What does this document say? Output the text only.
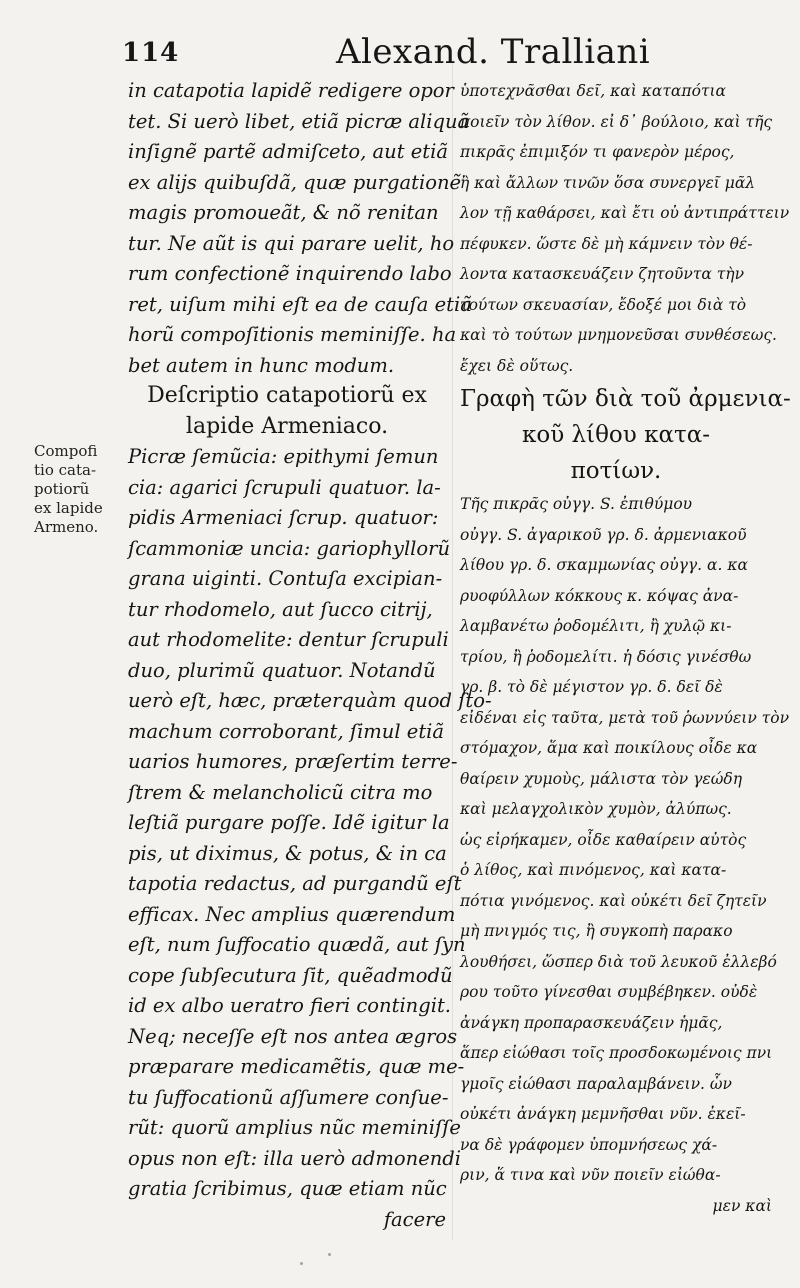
114	Alexand. Tralliani
Compofi
tio cata-
potiorũ
ex lapide
Armeno.
in catapotia lapidẽ redigere opor
tet. Si uerò libet, etiã picræ aliquã
inſignẽ partẽ admiſceto, aut etiã
ex alijs quibuſdã, quæ purgationẽ
magis promoueãt, & nõ renitan
tur. Ne aũt is qui parare uelit, ho
rum confectionẽ inquirendo labo
ret, uiſum mihi eſt ea de cauſa etiã
horũ compoſitionis meminiſſe. ha
bet autem in hunc modum.
Deſcriptio catapotiorũ ex
lapide Armeniaco.
Picræ ſemũcia: epithymi ſemun
cia: agarici ſcrupuli quatuor. la-
pidis Armeniaci ſcrup. quatuor:
ſcammoniæ uncia: gariophyllorũ
grana uiginti. Contuſa excipian-
tur rhodomelo, aut ſucco citrij,
aut rhodomelite: dentur ſcrupuli
duo, plurimũ quatuor. Notandũ
uerò eſt, hæc, præterquàm quod ſto-
machum corroborant, ſimul etiã
uarios humores, præſertim terre-
ſtrem & melancholicũ citra mo
leſtiã purgare poſſe. Idẽ igitur la
pis, ut diximus, & potus, & in ca
tapotia redactus, ad purgandũ eſt
efficax. Nec amplius quærendum
eſt, num ſuffocatio quædã, aut ſyn
cope ſubſecutura ſit, quẽadmodũ
id ex albo ueratro fieri contingit.
Neq; neceſſe eſt nos antea ægros
præparare medicamẽtis, quæ me-
tu ſuffocationũ aſſumere conſue-
rũt: quorũ amplius nũc meminiſſe
opus non eſt: illa uerò admonendi
gratia ſcribimus, quæ etiam nũc
facere
ὑποτεχνᾶσθαι δεῖ, καὶ καταπότια
ποιεῖν τὸν λίθον. εἰ δ᾽ βούλοιο, καὶ τῆς
πικρᾶς ἐπιμιξόν τι φανερὸν μέρος,
ἢ καὶ ἄλλων τινῶν ὅσα συνεργεῖ μᾶλ
λον τῇ καθάρσει, καὶ ἔτι οὐ ἀντιπράττειν
πέφυκεν. ὥστε δὲ μὴ κάμνειν τὸν θέ-
λοντα κατασκευάζειν ζητοῦντα τὴν
τούτων σκευασίαν, ἔδοξέ μοι διὰ τὸ
καὶ τὸ τούτων μνημονεῦσαι συνθέσεως.
ἔχει δὲ οὕτως.
Γραφὴ τῶν διὰ τοῦ ἀρμενια-
κοῦ λίθου κατα-
ποτίων.
Τῆς πικρᾶς οὐγγ. S. ἐπιθύμου
οὐγγ. S. ἀγαρικοῦ γρ. δ. ἀρμενιακοῦ
λίθου γρ. δ. σκαμμωνίας οὐγγ. α. κα
ρυοφύλλων κόκκους κ. κόψας ἀνα-
λαμβανέτω ῥοδομέλιτι, ἢ χυλῷ κι-
τρίου, ἢ ῥοδομελίτι. ἡ δόσις γινέσθω
γρ. β. τὸ δὲ μέγιστον γρ. δ. δεῖ δὲ
εἰδέναι εἰς ταῦτα, μετὰ τοῦ ῥωννύειν τὸν
στόμαχον, ἅμα καὶ ποικίλους οἶδε κα
θαίρειν χυμοὺς, μάλιστα τὸν γεώδη
καὶ μελαγχολικὸν χυμὸν, ἀλύπως.
ὡς εἰρήκαμεν, οἶδε καθαίρειν αὐτὸς
ὁ λίθος, καὶ πινόμενος, καὶ κατα-
πότια γινόμενος. καὶ οὐκέτι δεῖ ζητεῖν
μὴ πνιγμός τις, ἢ συγκοπὴ παρακο
λουθήσει, ὥσπερ διὰ τοῦ λευκοῦ ἐλλεβό
ρου τοῦτο γίνεσθαι συμβέβηκεν. οὐδὲ
ἀνάγκη προπαρασκευάζειν ἡμᾶς,
ἅπερ εἰώθασι τοῖς προσδοκωμένοις πνι
γμοῖς εἰώθασι παραλαμβάνειν. ὧν
οὐκέτι ἀνάγκη μεμνῆσθαι νῦν. ἐκεῖ-
να δὲ γράφομεν ὑπομνήσεως χά-
ριν, ἅ τινα καὶ νῦν ποιεῖν εἰώθα-
μεν καὶ
